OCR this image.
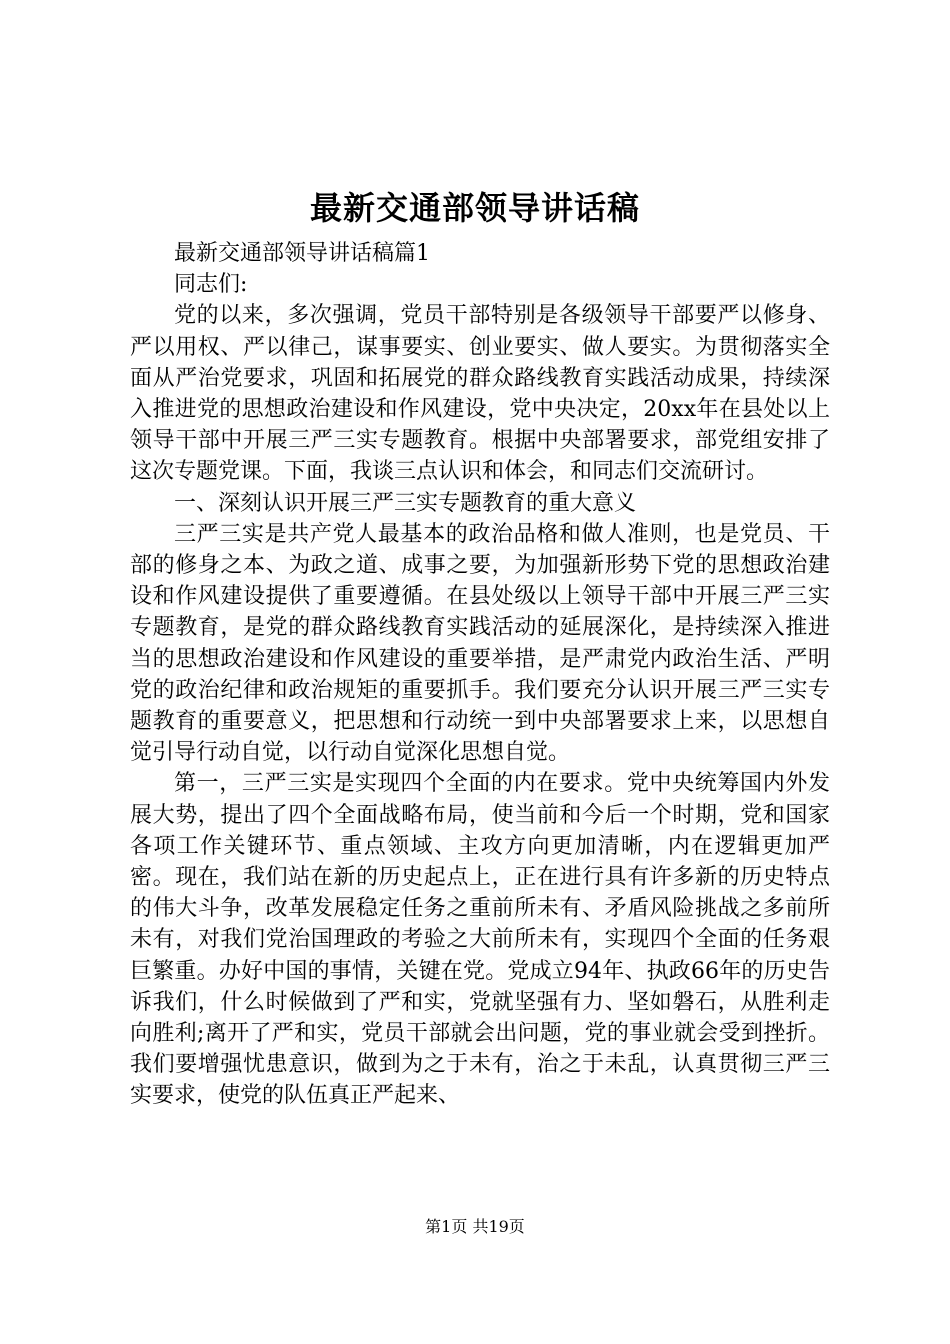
最新交通部领导讲话稿

最新交通部领导讲话稿篇1

同志们:

党的以来，多次强调，党员干部特别是各级领导干部要严以修身、严以用权、严以律己，谋事要实、创业要实、做人要实。为贯彻落实全面从严治党要求，巩固和拓展党的群众路线教育实践活动成果，持续深入推进党的思想政治建设和作风建设，党中央决定，20xx年在县处以上领导干部中开展三严三实专题教育。根据中央部署要求，部党组安排了这次专题党课。下面，我谈三点认识和体会，和同志们交流研讨。

一、深刻认识开展三严三实专题教育的重大意义

三严三实是共产党人最基本的政治品格和做人准则，也是党员、干部的修身之本、为政之道、成事之要，为加强新形势下党的思想政治建设和作风建设提供了重要遵循。在县处级以上领导干部中开展三严三实专题教育，是党的群众路线教育实践活动的延展深化，是持续深入推进当的思想政治建设和作风建设的重要举措，是严肃党内政治生活、严明党的政治纪律和政治规矩的重要抓手。我们要充分认识开展三严三实专题教育的重要意义，把思想和行动统一到中央部署要求上来，以思想自觉引导行动自觉，以行动自觉深化思想自觉。

第一，三严三实是实现四个全面的内在要求。党中央统筹国内外发展大势，提出了四个全面战略布局，使当前和今后一个时期，党和国家各项工作关键环节、重点领域、主攻方向更加清晰，内在逻辑更加严密。现在，我们站在新的历史起点上，正在进行具有许多新的历史特点的伟大斗争，改革发展稳定任务之重前所未有、矛盾风险挑战之多前所未有，对我们党治国理政的考验之大前所未有，实现四个全面的任务艰巨繁重。办好中国的事情，关键在党。党成立94年、执政66年的历史告诉我们，什么时候做到了严和实，党就坚强有力、坚如磐石，从胜利走向胜利;离开了严和实，党员干部就会出问题，党的事业就会受到挫折。我们要增强忧患意识，做到为之于未有，治之于未乱，认真贯彻三严三实要求，使党的队伍真正严起来、

第1页 共19页
